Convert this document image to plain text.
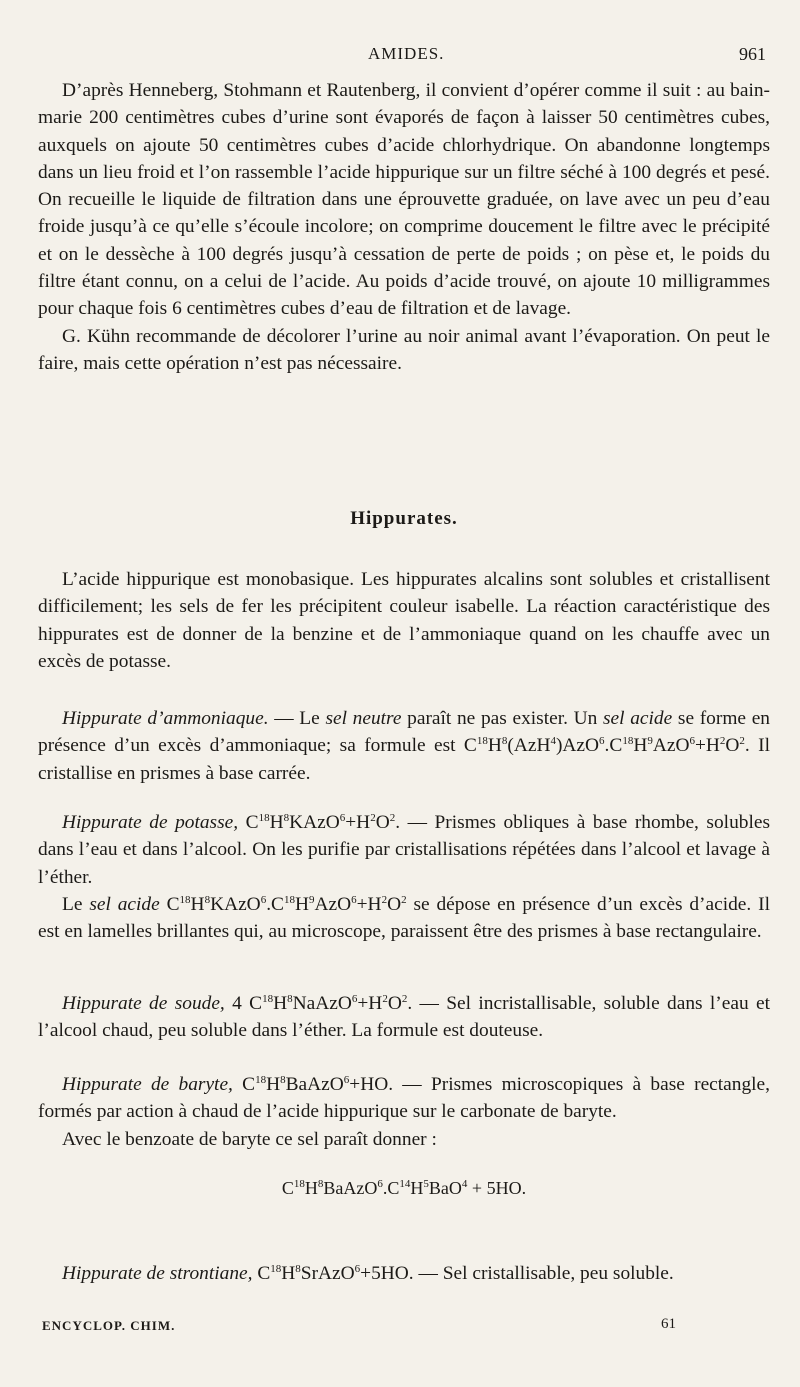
AMIDES.	961

D’après Henneberg, Stohmann et Rautenberg, il convient d’opérer comme il suit : au bain-marie 200 centimètres cubes d’urine sont évaporés de façon à laisser 50 centimètres cubes, auxquels on ajoute 50 centimètres cubes d’acide chlorhydrique. On abandonne longtemps dans un lieu froid et l’on rassemble l’acide hippurique sur un filtre séché à 100 degrés et pesé. On recueille le liquide de filtration dans une éprouvette graduée, on lave avec un peu d’eau froide jusqu’à ce qu’elle s’écoule incolore; on comprime doucement le filtre avec le précipité et on le dessèche à 100 degrés jusqu’à cessation de perte de poids ; on pèse et, le poids du filtre étant connu, on a celui de l’acide. Au poids d’acide trouvé, on ajoute 10 milligrammes pour chaque fois 6 centimètres cubes d’eau de filtration et de lavage.

G. Kühn recommande de décolorer l’urine au noir animal avant l’évaporation. On peut le faire, mais cette opération n’est pas nécessaire.

Hippurates.

L’acide hippurique est monobasique. Les hippurates alcalins sont solubles et cristallisent difficilement; les sels de fer les précipitent couleur isabelle. La réaction caractéristique des hippurates est de donner de la benzine et de l’ammoniaque quand on les chauffe avec un excès de potasse.

Hippurate d’ammoniaque. — Le sel neutre paraît ne pas exister. Un sel acide se forme en présence d’un excès d’ammoniaque; sa formule est $C^{18}H^8(AzH^4)AzO^6.C^{18}H^9AzO^6+H^2O^2$. Il cristallise en prismes à base carrée.

Hippurate de potasse, $C^{18}H^8KAzO^6+H^2O^2$. — Prismes obliques à base rhombe, solubles dans l’eau et dans l’alcool. On les purifie par cristallisations répétées dans l’alcool et lavage à l’éther.

Le sel acide $C^{18}H^8KAzO^6.C^{18}H^9AzO^6+H^2O^2$ se dépose en présence d’un excès d’acide. Il est en lamelles brillantes qui, au microscope, paraissent être des prismes à base rectangulaire.

Hippurate de soude, 4 $C^{18}H^8NaAzO^6+H^2O^2$. — Sel incristallisable, soluble dans l’eau et l’alcool chaud, peu soluble dans l’éther. La formule est douteuse.

Hippurate de baryte, $C^{18}H^8BaAzO^6+HO$. — Prismes microscopiques à base rectangle, formés par action à chaud de l’acide hippurique sur le carbonate de baryte.

Avec le benzoate de baryte ce sel paraît donner :

$C^{18}H^8BaAzO^6.C^{14}H^5BaO^4 + 5HO$.

Hippurate de strontiane, $C^{18}H^8SrAzO^6+5HO$. — Sel cristallisable, peu soluble.

ENCYCLOP. CHIM.	61
